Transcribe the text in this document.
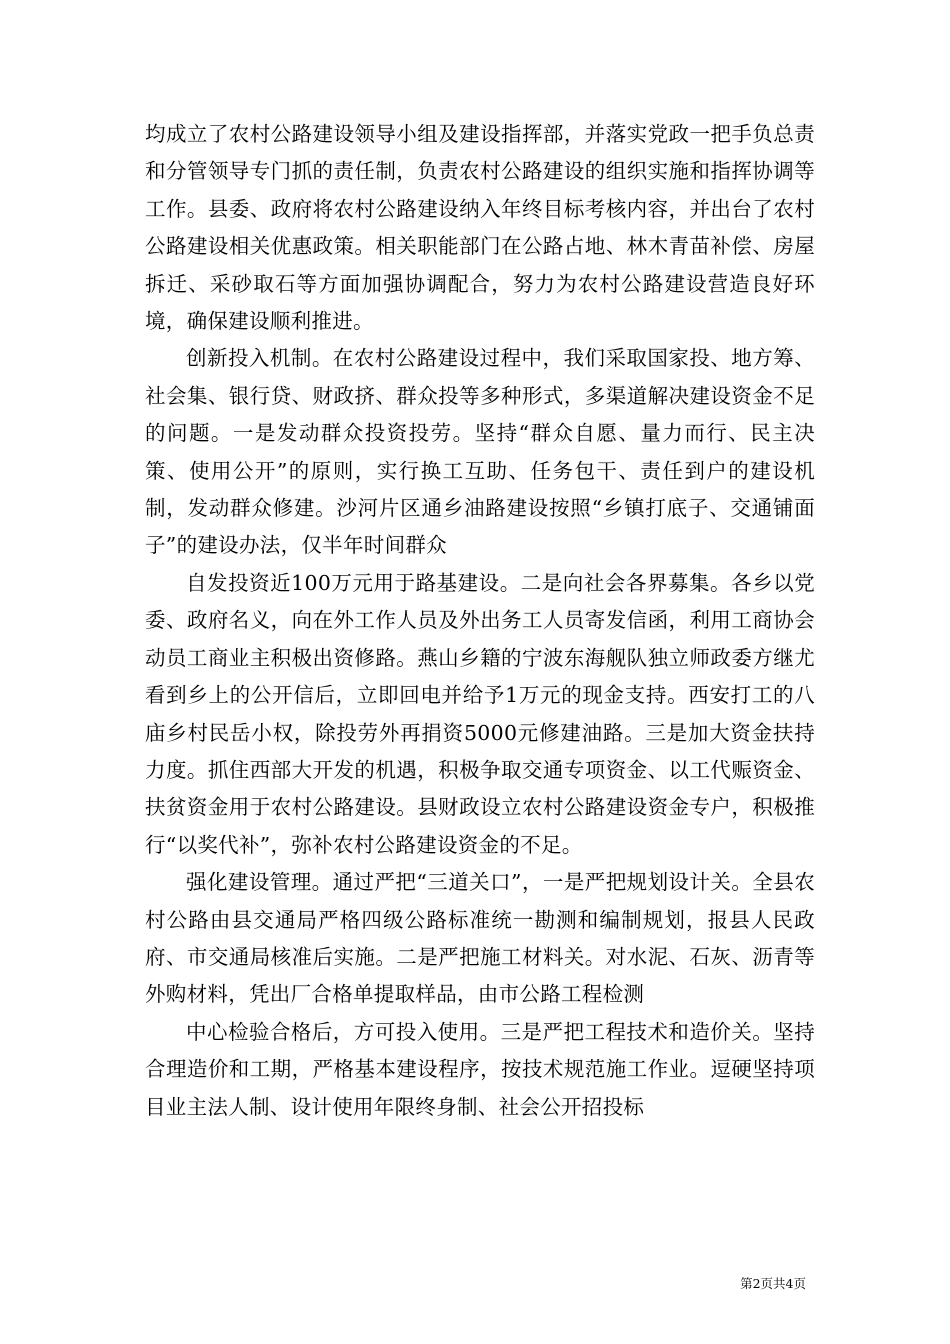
均成立了农村公路建设领导小组及建设指挥部，并落实党政一把手负总责和分管领导专门抓的责任制，负责农村公路建设的组织实施和指挥协调等工作。县委、政府将农村公路建设纳入年终目标考核内容，并出台了农村公路建设相关优惠政策。相关职能部门在公路占地、林木青苗补偿、房屋拆迁、采砂取石等方面加强协调配合，努力为农村公路建设营造良好环境，确保建设顺利推进。

创新投入机制。在农村公路建设过程中，我们采取国家投、地方筹、社会集、银行贷、财政挤、群众投等多种形式，多渠道解决建设资金不足的问题。一是发动群众投资投劳。坚持“群众自愿、量力而行、民主决策、使用公开”的原则，实行换工互助、任务包干、责任到户的建设机制，发动群众修建。沙河片区通乡油路建设按照“乡镇打底子、交通铺面子”的建设办法，仅半年时间群众

自发投资近100万元用于路基建设。二是向社会各界募集。各乡以党委、政府名义，向在外工作人员及外出务工人员寄发信函，利用工商协会动员工商业主积极出资修路。燕山乡籍的宁波东海舰队独立师政委方继尤看到乡上的公开信后，立即回电并给予1万元的现金支持。西安打工的八庙乡村民岳小权，除投劳外再捐资5000元修建油路。三是加大资金扶持力度。抓住西部大开发的机遇，积极争取交通专项资金、以工代赈资金、扶贫资金用于农村公路建设。县财政设立农村公路建设资金专户，积极推行“以奖代补”，弥补农村公路建设资金的不足。

强化建设管理。通过严把“三道关口”，一是严把规划设计关。全县农村公路由县交通局严格四级公路标准统一勘测和编制规划，报县人民政府、市交通局核准后实施。二是严把施工材料关。对水泥、石灰、沥青等外购材料，凭出厂合格单提取样品，由市公路工程检测

中心检验合格后，方可投入使用。三是严把工程技术和造价关。坚持合理造价和工期，严格基本建设程序，按技术规范施工作业。逗硬坚持项目业主法人制、设计使用年限终身制、社会公开招投标

第2页共4页
